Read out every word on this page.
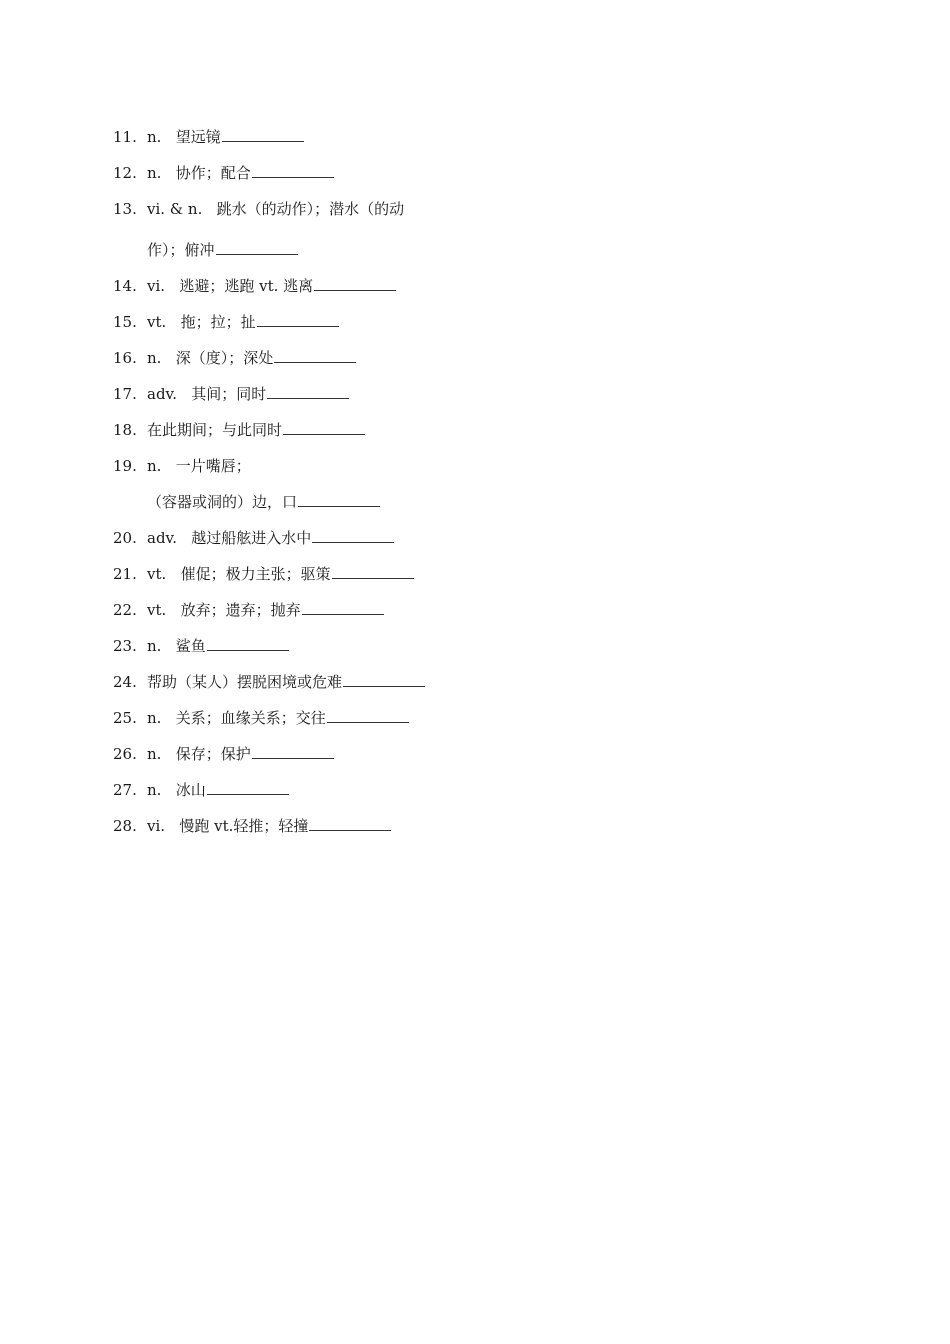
11. n.   望远镜
12. n.   协作；配合
13. vi. & n.   跳水（的动作）；潜水（的动
作）；俯冲
14. vi.   逃避；逃跑 vt. 逃离
15. vt.   拖；拉；扯
16. n.   深（度）；深处
17. adv.   其间；同时
18. 在此期间；与此同时
19. n.   一片嘴唇；
（容器或洞的）边，口
20. adv.   越过船舷进入水中
21. vt.   催促；极力主张；驱策
22. vt.   放弃；遗弃；抛弃
23. n.   鲨鱼
24. 帮助（某人）摆脱困境或危难
25. n.   关系；血缘关系；交往
26. n.   保存；保护
27. n.   冰山
28. vi.   慢跑 vt.轻推；轻撞
